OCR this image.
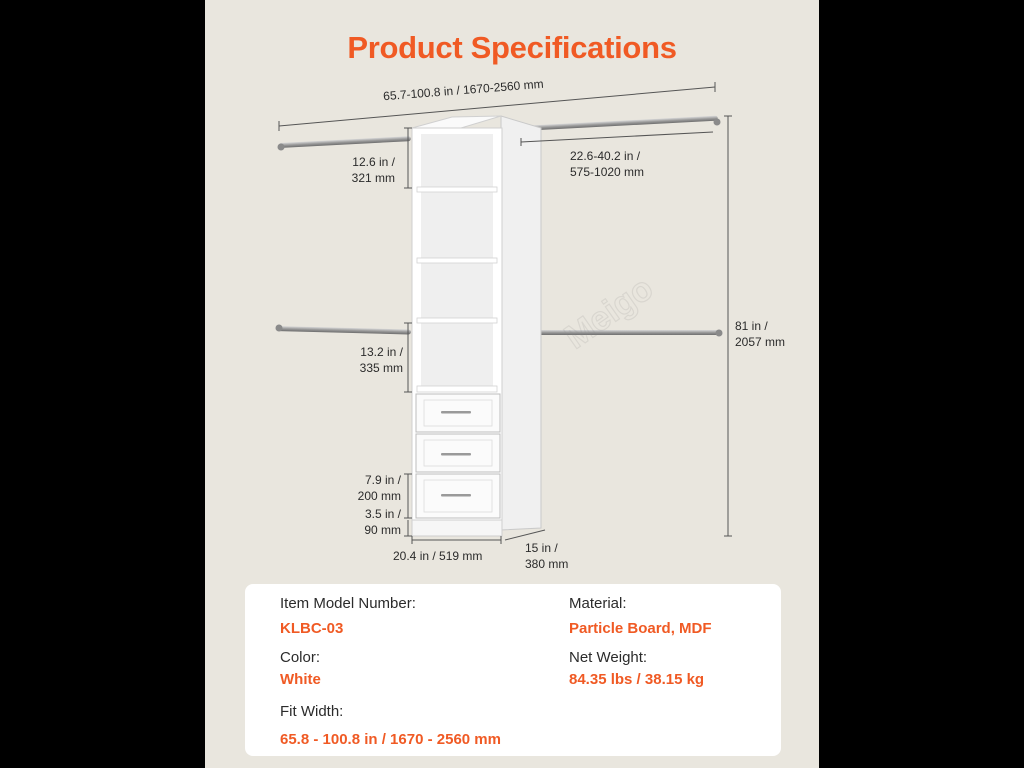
Product Specifications
Meigo
65.7-100.8 in / 1670-2560 mm
12.6 in /
321 mm
22.6-40.2 in /
575-1020 mm
81 in /
2057 mm
13.2 in /
335 mm
7.9 in /
200 mm
3.5 in /
90 mm
20.4 in / 519 mm
15 in /
380 mm
Item Model Number:
KLBC-03
Material:
Particle Board, MDF
Color:
White
Net Weight:
84.35 lbs / 38.15 kg
Fit Width:
65.8 - 100.8 in / 1670 - 2560 mm
